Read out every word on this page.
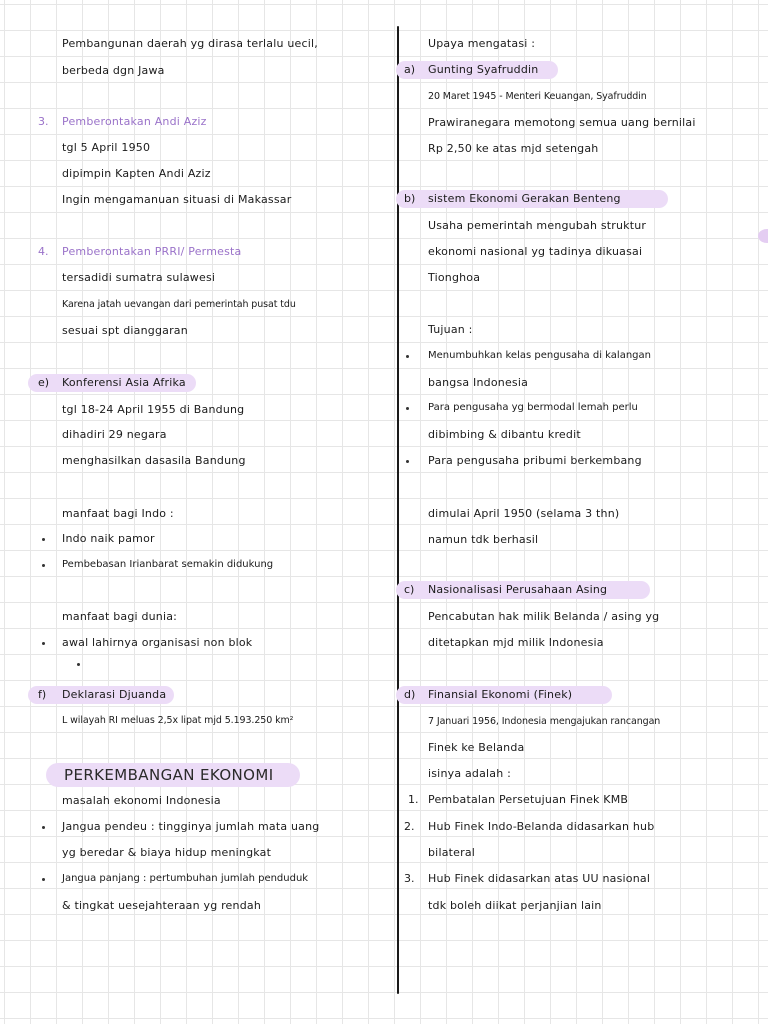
Pembangunan daerah yg dirasa terlalu uecil,
berbeda dgn Jawa
3. Pemberontakan Andi Aziz
tgl 5 April 1950
dipimpin Kapten Andi Aziz
Ingin mengamanuan situasi di Makassar
4. Pemberontakan PRRI/ Permesta
tersadidi sumatra sulawesi
Karena jatah uevangan dari pemerintah pusat tdu
sesuai spt dianggaran
e) Konferensi Asia Afrika
tgl 18-24 April 1955 di Bandung
dihadiri 29 negara
menghasilkan dasasila Bandung
manfaat bagi Indo :
Indo naik pamor
Pembebasan Irianbarat semakin didukung
manfaat bagi dunia:
awal lahirnya organisasi non blok
f) Deklarasi Djuanda
L wilayah RI meluas 2,5x lipat mjd 5.193.250 km²
PERKEMBANGAN EKONOMI
masalah ekonomi Indonesia
Jangua pendeu : tingginya jumlah mata uang
yg beredar & biaya hidup meningkat
Jangua panjang : pertumbuhan jumlah penduduk
& tingkat uesejahteraan yg rendah
Upaya mengatasi :
a) Gunting Syafruddin
20 Maret 1945 - Menteri Keuangan, Syafruddin
Prawiranegara memotong semua uang bernilai
Rp 2,50 ke atas mjd setengah
b) sistem Ekonomi Gerakan Benteng
Usaha pemerintah mengubah struktur
ekonomi nasional yg tadinya dikuasai
Tionghoa
Tujuan :
Menumbuhkan kelas pengusaha di kalangan
bangsa Indonesia
Para pengusaha yg bermodal lemah perlu
dibimbing & dibantu kredit
Para pengusaha pribumi berkembang
dimulai April 1950 (selama 3 thn)
namun tdk berhasil
c) Nasionalisasi Perusahaan Asing
Pencabutan hak milik Belanda / asing yg
ditetapkan mjd milik Indonesia
d) Finansial Ekonomi (Finek)
7 Januari 1956, Indonesia mengajukan rancangan
Finek ke Belanda
isinya adalah :
1. Pembatalan Persetujuan Finek KMB
2. Hub Finek Indo-Belanda didasarkan hub
bilateral
3. Hub Finek didasarkan atas UU nasional
tdk boleh diikat perjanjian lain
